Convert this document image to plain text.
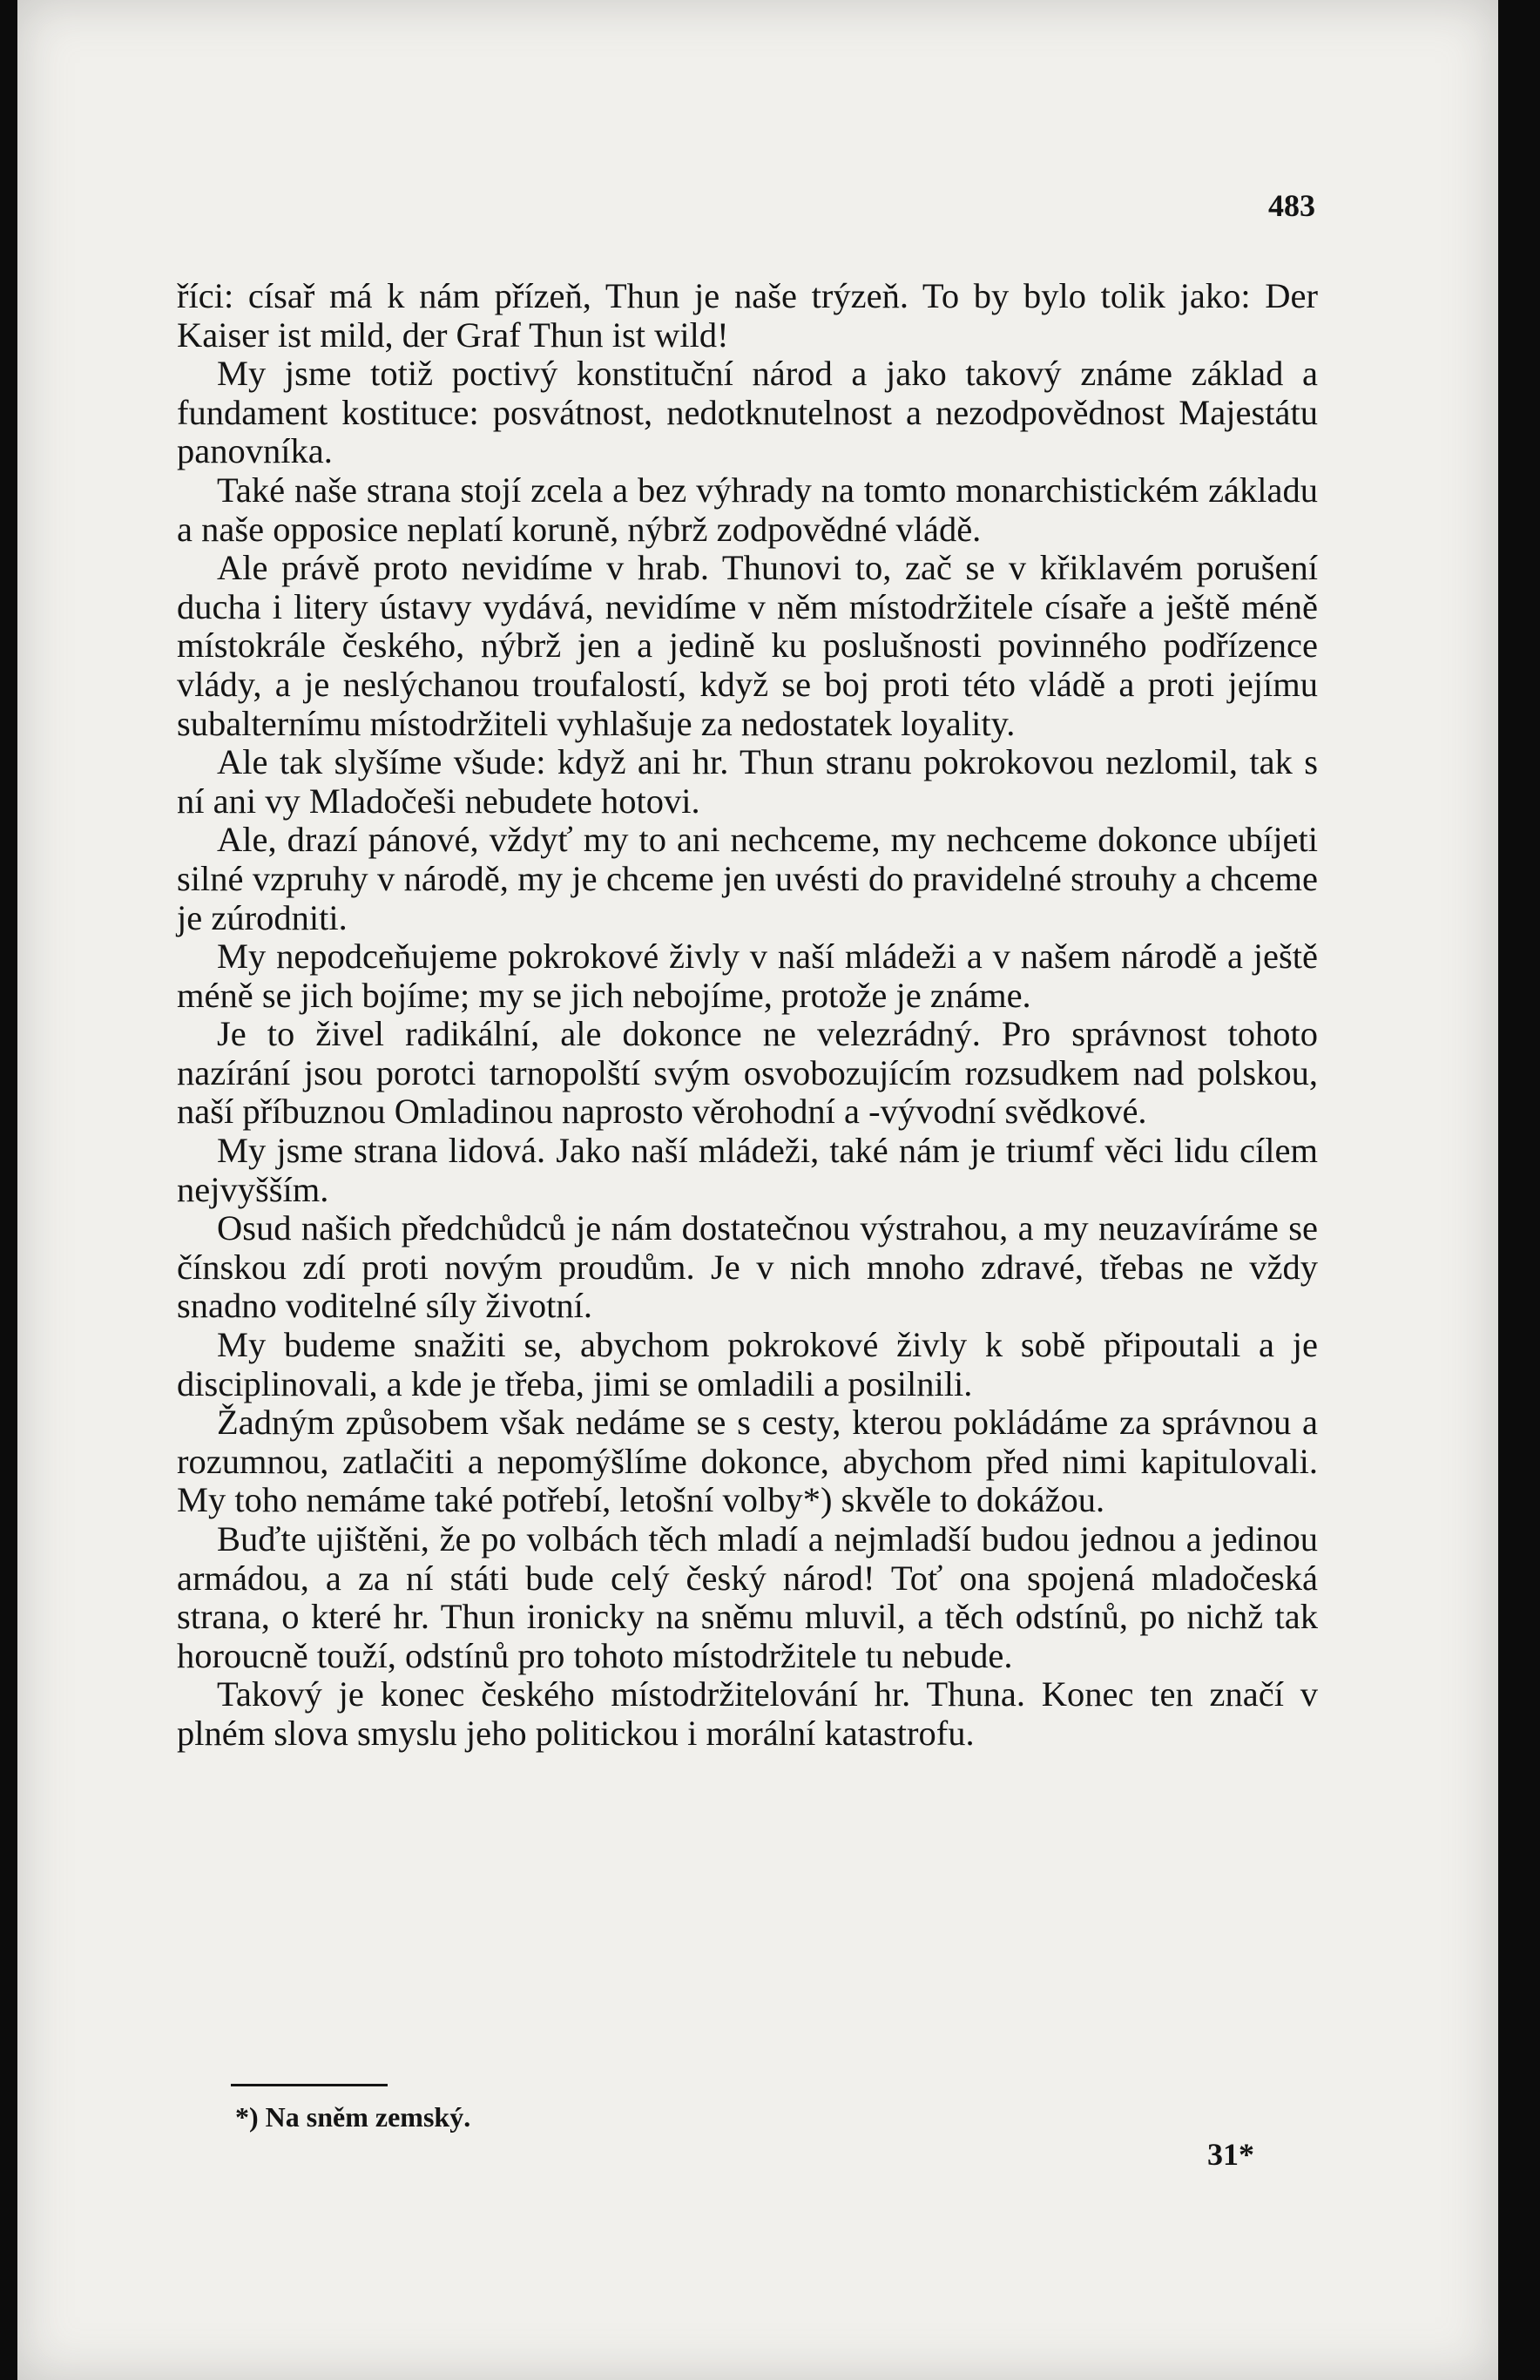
483

říci: císař má k nám přízeň, Thun je naše trýzeň. To by bylo tolik jako: Der Kaiser ist mild, der Graf Thun ist wild!

My jsme totiž poctivý konstituční národ a jako takový známe základ a fundament kostituce: posvátnost, nedotknutelnost a nezodpovědnost Majestátu panovníka.

Také naše strana stojí zcela a bez výhrady na tomto monarchistickém základu a naše opposice neplatí koruně, nýbrž zodpovědné vládě.

Ale právě proto nevidíme v hrab. Thunovi to, zač se v křiklavém porušení ducha i litery ústavy vydává, nevidíme v něm místodržitele císaře a ještě méně místokrále českého, nýbrž jen a jedině ku poslušnosti povinného podřízence vlády, a je neslýchanou troufalostí, když se boj proti této vládě a proti jejímu subalternímu místodržiteli vyhlašuje za nedostatek loyality.

Ale tak slyšíme všude: když ani hr. Thun stranu pokrokovou nezlomil, tak s ní ani vy Mladočeši nebudete hotovi.

Ale, drazí pánové, vždyť my to ani nechceme, my nechceme dokonce ubíjeti silné vzpruhy v národě, my je chceme jen uvésti do pravidelné strouhy a chceme je zúrodniti.

My nepodceňujeme pokrokové živly v naší mládeži a v našem národě a ještě méně se jich bojíme; my se jich nebojíme, protože je známe.

Je to živel radikální, ale dokonce ne velezrádný. Pro správnost tohoto nazírání jsou porotci tarnopolští svým osvobozujícím rozsudkem nad polskou, naší příbuznou Omladinou naprosto věrohodní a -vývodní svědkové.

My jsme strana lidová. Jako naší mládeži, také nám je triumf věci lidu cílem nejvyšším.

Osud našich předchůdců je nám dostatečnou výstrahou, a my neuzavíráme se čínskou zdí proti novým proudům. Je v nich mnoho zdravé, třebas ne vždy snadno voditelné síly životní.

My budeme snažiti se, abychom pokrokové živly k sobě připoutali a je disciplinovali, a kde je třeba, jimi se omladili a posilnili.

Žadným způsobem však nedáme se s cesty, kterou pokládáme za správnou a rozumnou, zatlačiti a nepomýšlíme dokonce, abychom před nimi kapitulovali. My toho nemáme také potřebí, letošní volby*) skvěle to dokážou.

Buďte ujištěni, že po volbách těch mladí a nejmladší budou jednou a jedinou armádou, a za ní státi bude celý český národ! Toť ona spojená mladočeská strana, o které hr. Thun ironicky na sněmu mluvil, a těch odstínů, po nichž tak horoucně touží, odstínů pro tohoto místodržitele tu nebude.

Takový je konec českého místodržitelování hr. Thuna. Konec ten značí v plném slova smyslu jeho politickou i morální katastrofu.

*) Na sněm zemský.
31*
